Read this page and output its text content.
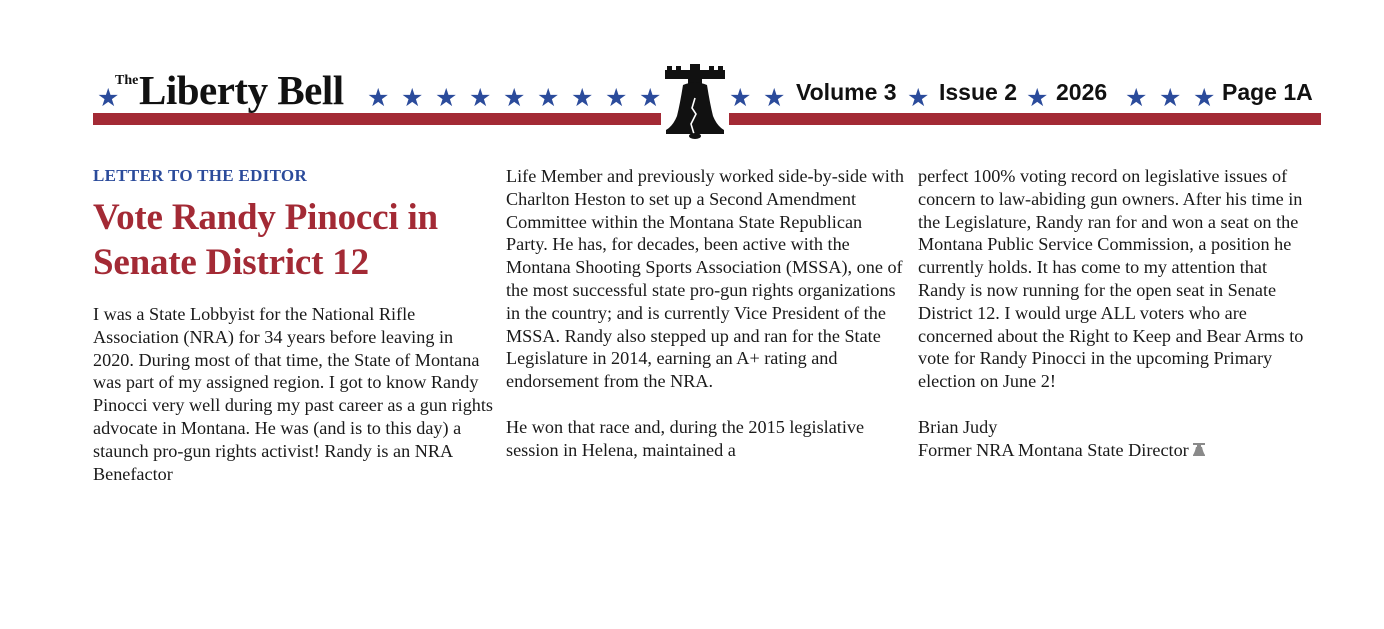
★
The Liberty Bell ★ ★ ★ ★ ★ ★ ★ ★ ★	★ ★ Volume 3 ★ Issue 2 ★ 2026 ★ ★ ★ Page 1A
LETTER TO THE EDITOR
Vote Randy Pinocci in Senate District 12

I was a State Lobbyist for the National Rifle Association (NRA) for 34 years before leaving in 2020. During most of that time, the State of Montana was part of my assigned region. I got to know Randy Pinocci very well during my past career as a gun rights advocate in Montana. He was (and is to this day) a staunch pro-gun rights activist! Randy is an NRA Benefactor

Life Member and previously worked side-by-side with Charlton Heston to set up a Second Amendment Committee within the Montana State Republican Party. He has, for decades, been active with the Montana Shooting Sports Association (MSSA), one of the most successful state pro-gun rights organizations in the country; and is currently Vice President of the MSSA. Randy also stepped up and ran for the State Legislature in 2014, earning an A+ rating and endorsement from the NRA.

He won that race and, during the 2015 legislative session in Helena, maintained a

perfect 100% voting record on legislative issues of concern to law-abiding gun owners. After his time in the Legislature, Randy ran for and won a seat on the Montana Public Service Commission, a position he currently holds. It has come to my attention that Randy is now running for the open seat in Senate District 12. I would urge ALL voters who are concerned about the Right to Keep and Bear Arms to vote for Randy Pinocci in the upcoming Primary election on June 2!

Brian Judy
Former NRA Montana State Director
